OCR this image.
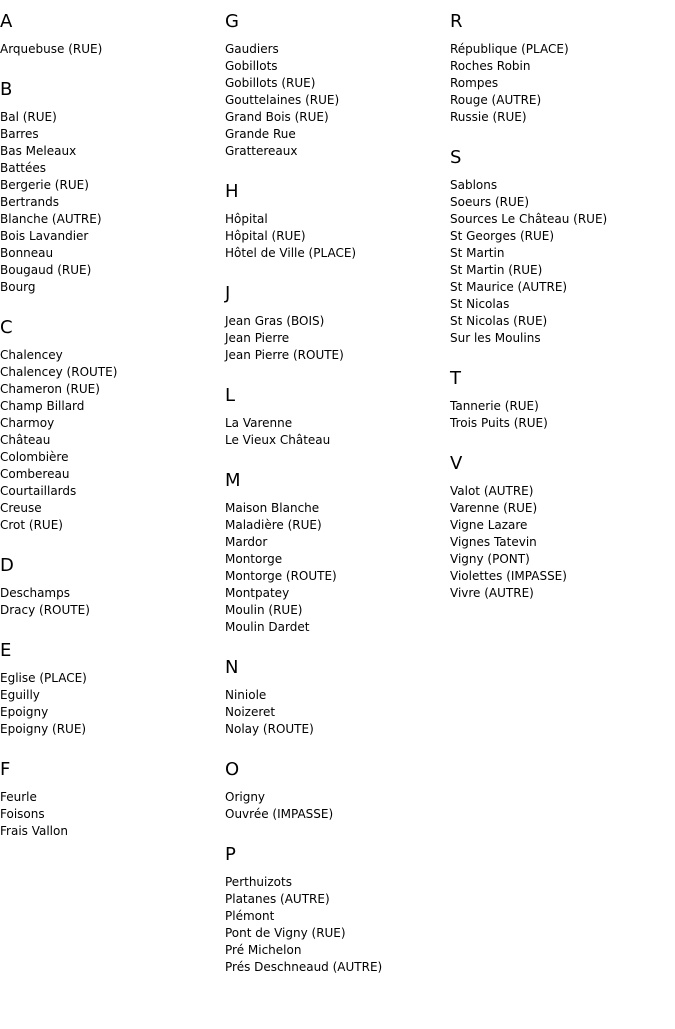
A
Arquebuse (RUE)
B
Bal (RUE)
Barres
Bas Meleaux
Battées
Bergerie (RUE)
Bertrands
Blanche (AUTRE)
Bois Lavandier
Bonneau
Bougaud (RUE)
Bourg
C
Chalencey
Chalencey (ROUTE)
Chameron (RUE)
Champ Billard
Charmoy
Château
Colombière
Combereau
Courtaillards
Creuse
Crot (RUE)
D
Deschamps
Dracy (ROUTE)
E
Eglise (PLACE)
Eguilly
Epoigny
Epoigny (RUE)
F
Feurle
Foisons
Frais Vallon
G
Gaudiers
Gobillots
Gobillots (RUE)
Gouttelaines (RUE)
Grand Bois (RUE)
Grande Rue
Grattereaux
H
Hôpital
Hôpital (RUE)
Hôtel de Ville (PLACE)
J
Jean Gras (BOIS)
Jean Pierre
Jean Pierre (ROUTE)
L
La Varenne
Le Vieux Château
M
Maison Blanche
Maladière (RUE)
Mardor
Montorge
Montorge (ROUTE)
Montpatey
Moulin (RUE)
Moulin Dardet
N
Niniole
Noizeret
Nolay (ROUTE)
O
Origny
Ouvrée (IMPASSE)
P
Perthuizots
Platanes (AUTRE)
Plémont
Pont de Vigny (RUE)
Pré Michelon
Prés Deschneaud (AUTRE)
R
République (PLACE)
Roches Robin
Rompes
Rouge (AUTRE)
Russie (RUE)
S
Sablons
Soeurs (RUE)
Sources Le Château (RUE)
St Georges (RUE)
St Martin
St Martin (RUE)
St Maurice (AUTRE)
St Nicolas
St Nicolas (RUE)
Sur les Moulins
T
Tannerie (RUE)
Trois Puits (RUE)
V
Valot (AUTRE)
Varenne (RUE)
Vigne Lazare
Vignes Tatevin
Vigny (PONT)
Violettes (IMPASSE)
Vivre (AUTRE)
